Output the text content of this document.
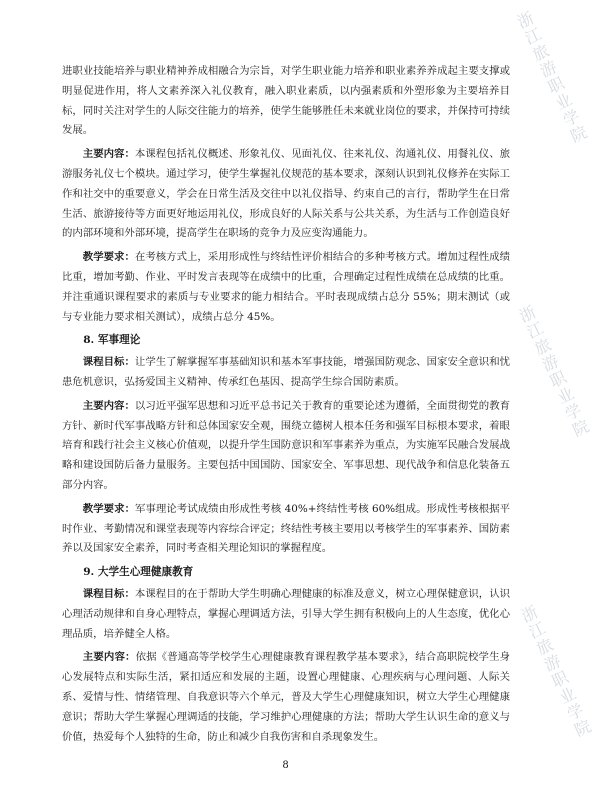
浙江旅游职业学院
浙江旅游职业学院
浙江旅游职业学院

进职业技能培养与职业精神养成相融合为宗旨，对学生职业能力培养和职业素养养成起主要支撑或明显促进作用，将人文素养深入礼仪教育，融入职业素质，以内强素质和外塑形象为主要培养目标，同时关注对学生的人际交往能力的培养，使学生能够胜任未来就业岗位的要求，并保持可持续发展。

主要内容：本课程包括礼仪概述、形象礼仪、见面礼仪、往来礼仪、沟通礼仪、用餐礼仪、旅游服务礼仪七个模块。通过学习，使学生掌握礼仪规范的基本要求，深刻认识到礼仪修养在实际工作和社交中的重要意义，学会在日常生活及交往中以礼仪指导、约束自己的言行，帮助学生在日常生活、旅游接待等方面更好地运用礼仪，形成良好的人际关系与公共关系，为生活与工作创造良好的内部环境和外部环境，提高学生在职场的竞争力及应变沟通能力。

教学要求：在考核方式上，采用形成性与终结性评价相结合的多种考核方式。增加过程性成绩比重，增加考勤、作业、平时发言表现等在成绩中的比重，合理确定过程性成绩在总成绩的比重。并注重通识课程要求的素质与专业要求的能力相结合。平时表现成绩占总分 55%；期末测试（或与专业能力要求相关测试），成绩占总分 45%。

8. 军事理论

课程目标：让学生了解掌握军事基础知识和基本军事技能，增强国防观念、国家安全意识和忧患危机意识，弘扬爱国主义精神、传承红色基因、提高学生综合国防素质。

主要内容：以习近平强军思想和习近平总书记关于教育的重要论述为遵循，全面贯彻党的教育方针、新时代军事战略方针和总体国家安全观，围绕立德树人根本任务和强军目标根本要求，着眼培育和践行社会主义核心价值观，以提升学生国防意识和军事素养为重点，为实施军民融合发展战略和建设国防后备力量服务。主要包括中国国防、国家安全、军事思想、现代战争和信息化装备五部分内容。

教学要求：军事理论考试成绩由形成性考核 40%+终结性考核 60%组成。形成性考核根据平时作业、考勤情况和课堂表现等内容综合评定；终结性考核主要用以考核学生的军事素养、国防素养以及国家安全素养，同时考查相关理论知识的掌握程度。

9. 大学生心理健康教育

课程目标：本课程目的在于帮助大学生明确心理健康的标准及意义，树立心理保健意识，认识心理活动规律和自身心理特点，掌握心理调适方法，引导大学生拥有积极向上的人生态度，优化心理品质，培养健全人格。

主要内容：依据《普通高等学校学生心理健康教育课程教学基本要求》，结合高职院校学生身心发展特点和实际生活，紧扣适应和发展的主题，设置心理健康、心理疾病与心理问题、人际关系、爱情与性、情绪管理、自我意识等六个单元，普及大学生心理健康知识，树立大学生心理健康意识；帮助大学生掌握心理调适的技能，学习维护心理健康的方法；帮助大学生认识生命的意义与价值，热爱每个人独特的生命，防止和减少自我伤害和自杀现象发生。

8
